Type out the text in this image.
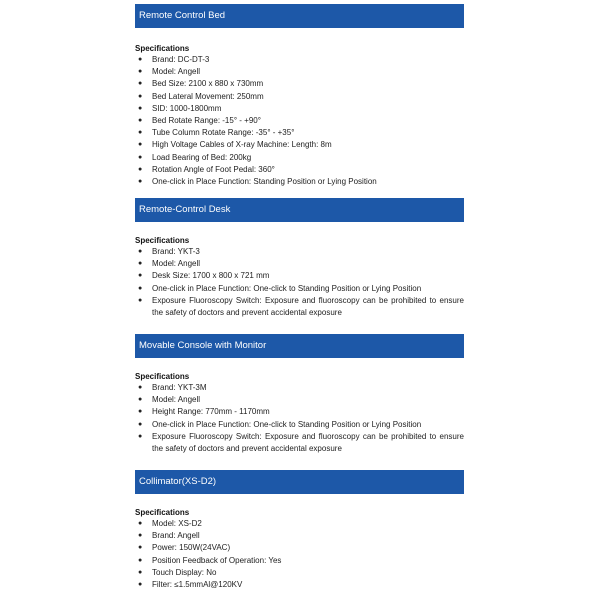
Remote Control Bed

Specifications

● Brand: DC-DT-3
● Model: Angell
● Bed Size: 2100 x 880 x 730mm
● Bed Lateral Movement: 250mm
● SID: 1000-1800mm
● Bed Rotate Range: -15° - +90°
● Tube Column Rotate Range: -35° - +35°
● High Voltage Cables of X-ray Machine: Length: 8m
● Load Bearing of Bed: 200kg
● Rotation Angle of Foot Pedal: 360°
● One-click in Place Function: Standing Position or Lying Position
Remote-Control Desk

Specifications

● Brand: YKT-3
● Model: Angell
● Desk Size: 1700 x 800 x 721 mm
● One-click in Place Function: One-click to Standing Position or Lying Position
● Exposure Fluoroscopy Switch: Exposure and fluoroscopy can be prohibited to ensure the safety of doctors and prevent accidental exposure
Movable Console with Monitor

Specifications

● Brand: YKT-3M
● Model: Angell
● Height Range: 770mm - 1170mm
● One-click in Place Function: One-click to Standing Position or Lying Position
● Exposure Fluoroscopy Switch: Exposure and fluoroscopy can be prohibited to ensure the safety of doctors and prevent accidental exposure
Collimator(XS-D2)

Specifications

● Model: XS-D2
● Brand: Angell
● Power: 150W(24VAC)
● Position Feedback of Operation: Yes
● Touch Display: No
● Filter: ≤1.5mmAl@120KV
